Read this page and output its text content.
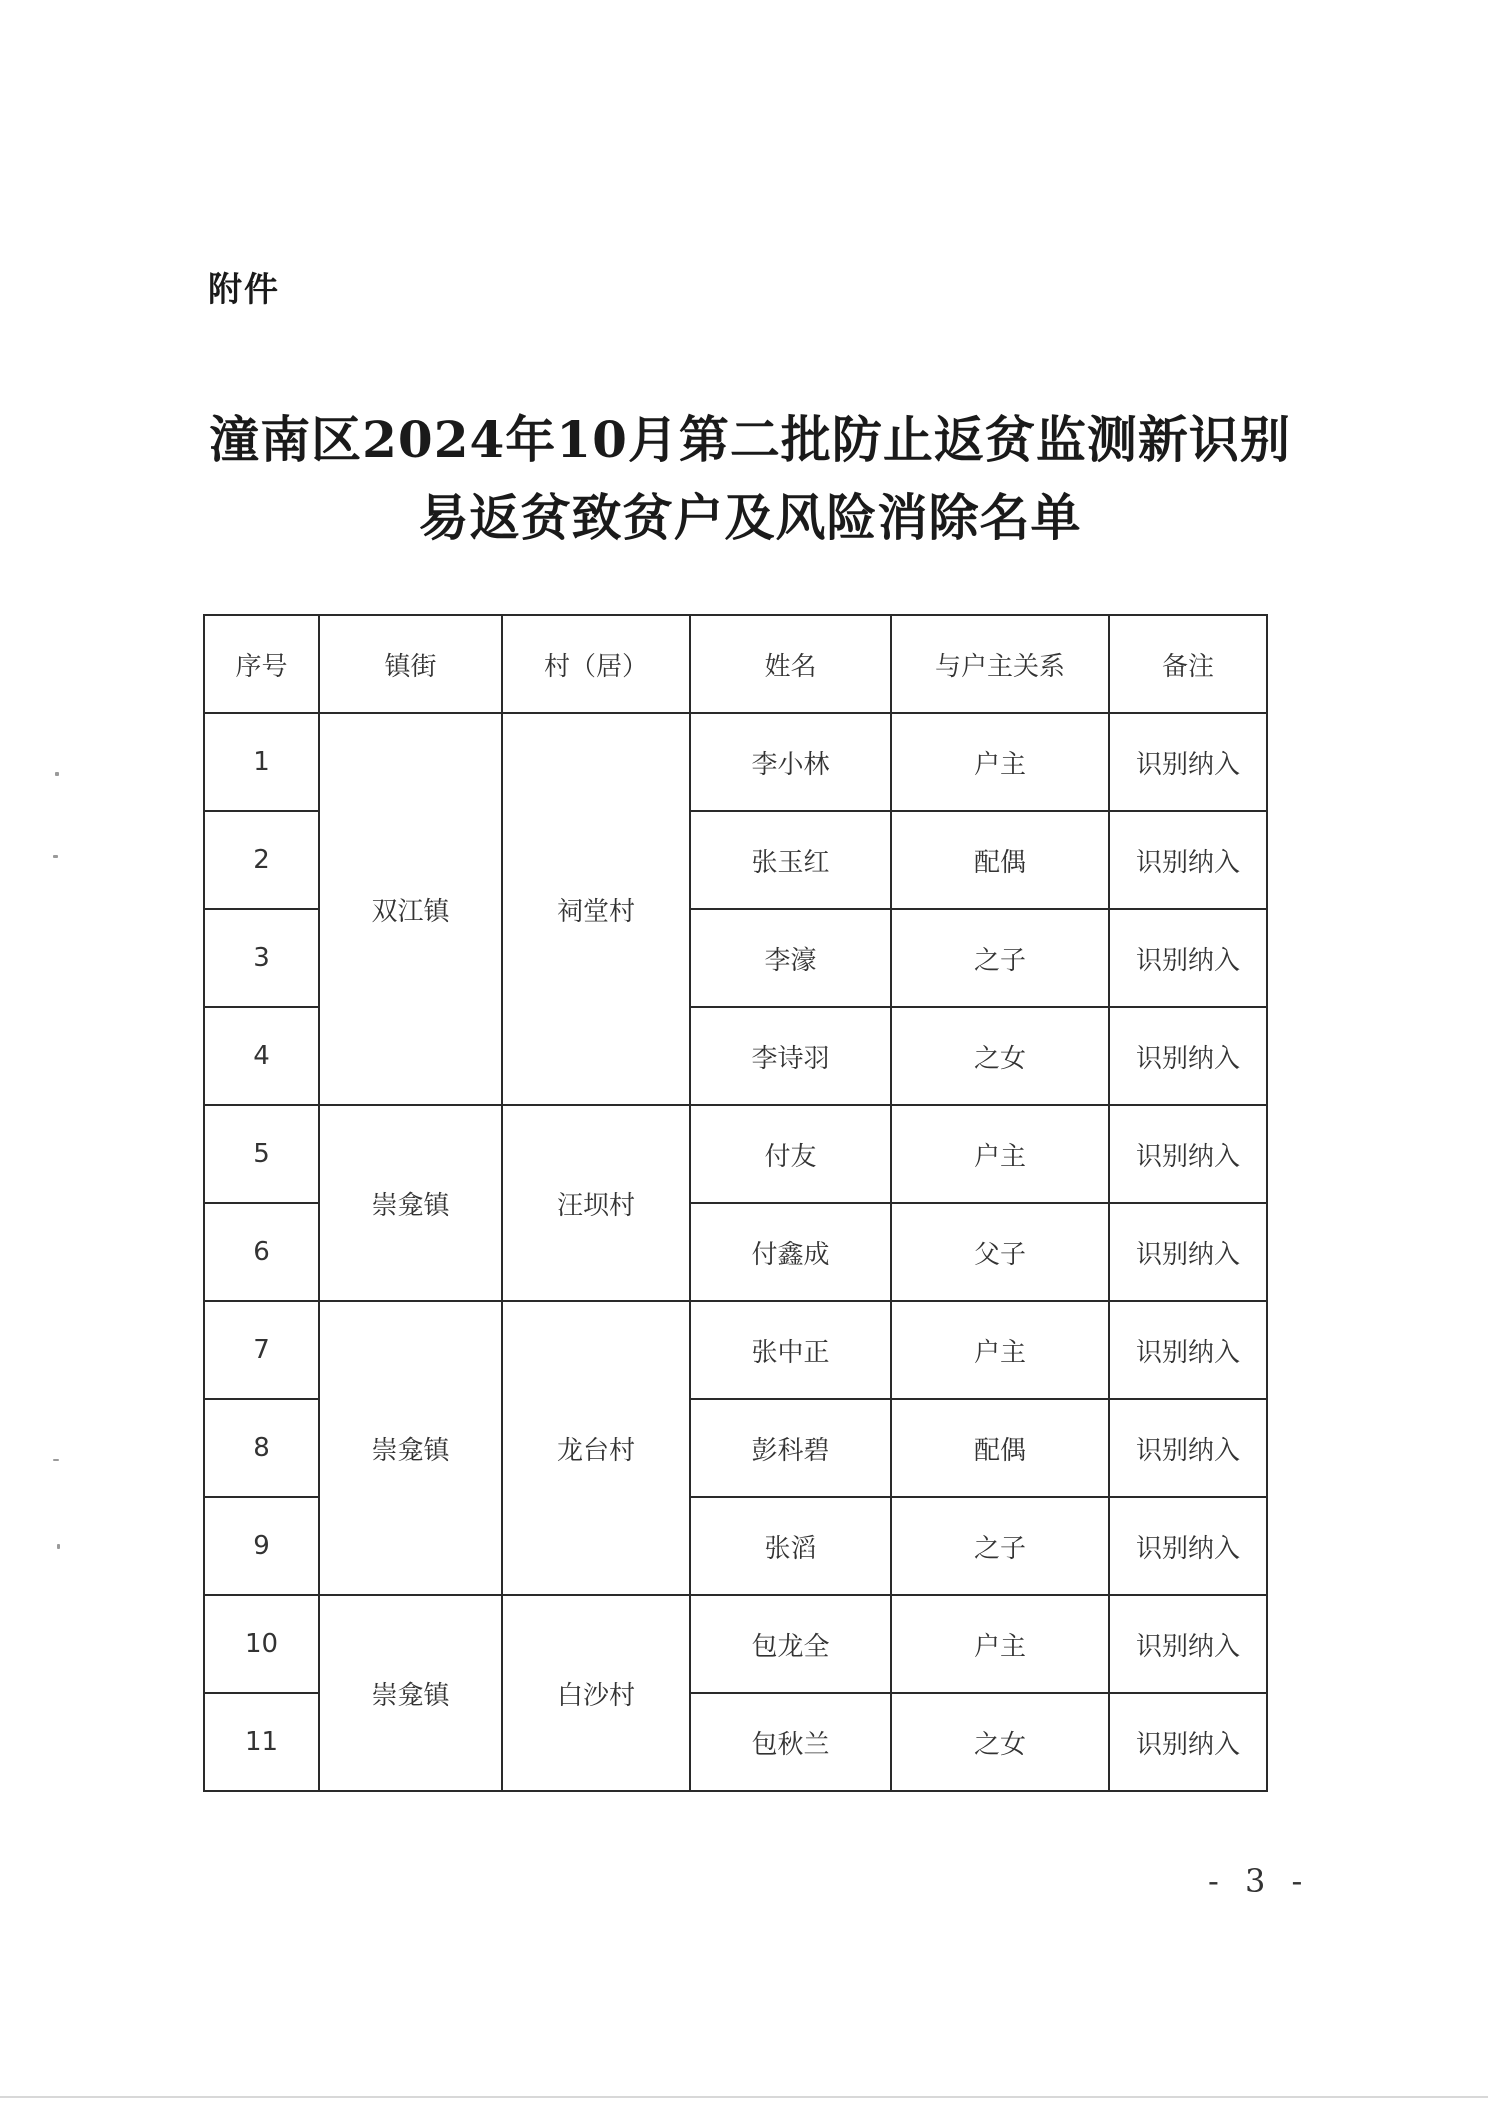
附件
潼南区2024年10月第二批防止返贫监测新识别
易返贫致贫户及风险消除名单
序号	镇街	村（居）	姓名	与户主关系	备注
1	双江镇	祠堂村	李小林	户主	识别纳入
2			张玉红	配偶	识别纳入
3			李濠	之子	识别纳入
4			李诗羽	之女	识别纳入
5	崇龛镇	汪坝村	付友	户主	识别纳入
6			付鑫成	父子	识别纳入
7	崇龛镇	龙台村	张中正	户主	识别纳入
8			彭科碧	配偶	识别纳入
9			张滔	之子	识别纳入
10	崇龛镇	白沙村	包龙全	户主	识别纳入
11			包秋兰	之女	识别纳入
- 3 -
